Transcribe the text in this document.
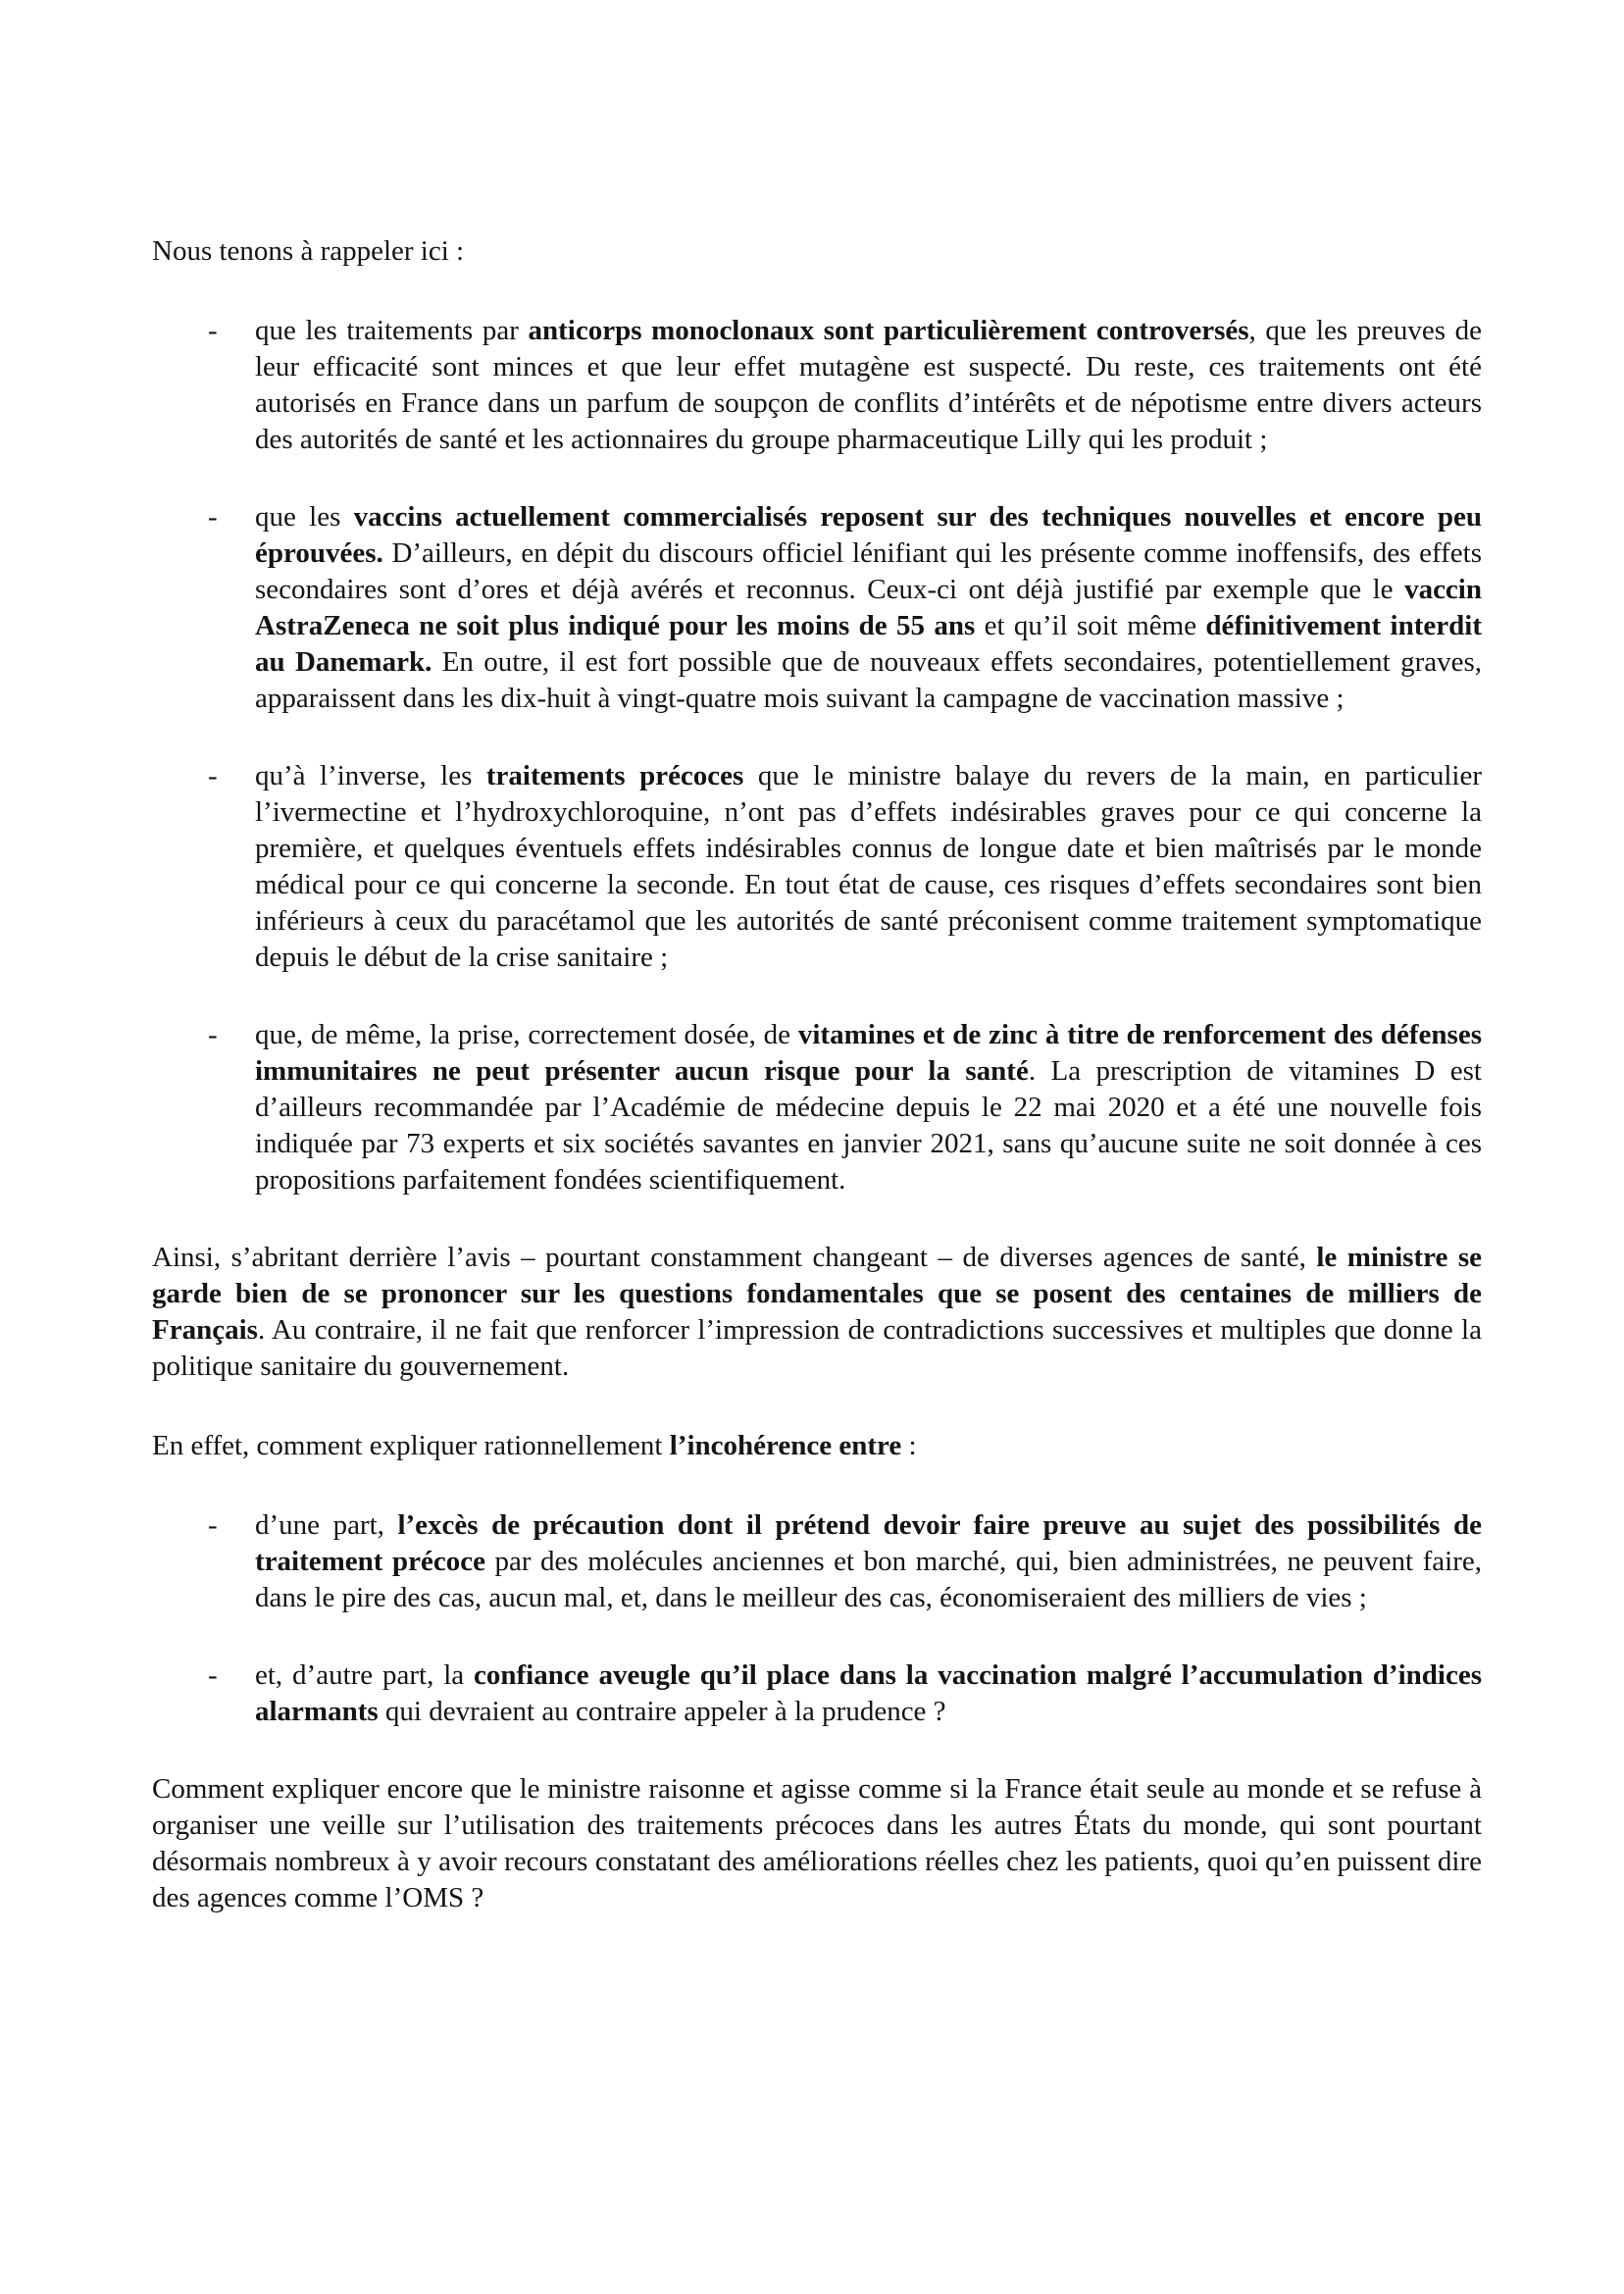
Nous tenons à rappeler ici :

-	que les traitements par anticorps monoclonaux sont particulièrement controversés, que les preuves de leur efficacité sont minces et que leur effet mutagène est suspecté. Du reste, ces traitements ont été autorisés en France dans un parfum de soupçon de conflits d’intérêts et de népotisme entre divers acteurs des autorités de santé et les actionnaires du groupe pharmaceutique Lilly qui les produit ;
-	que les vaccins actuellement commercialisés reposent sur des techniques nouvelles et encore peu éprouvées. D’ailleurs, en dépit du discours officiel lénifiant qui les présente comme inoffensifs, des effets secondaires sont d’ores et déjà avérés et reconnus. Ceux-ci ont déjà justifié par exemple que le vaccin AstraZeneca ne soit plus indiqué pour les moins de 55 ans et qu’il soit même définitivement interdit au Danemark. En outre, il est fort possible que de nouveaux effets secondaires, potentiellement graves, apparaissent dans les dix-huit à vingt-quatre mois suivant la campagne de vaccination massive ;
-	qu’à l’inverse, les traitements précoces que le ministre balaye du revers de la main, en particulier l’ivermectine et l’hydroxychloroquine, n’ont pas d’effets indésirables graves pour ce qui concerne la première, et quelques éventuels effets indésirables connus de longue date et bien maîtrisés par le monde médical pour ce qui concerne la seconde. En tout état de cause, ces risques d’effets secondaires sont bien inférieurs à ceux du paracétamol que les autorités de santé préconisent comme traitement symptomatique depuis le début de la crise sanitaire ;
-	que, de même, la prise, correctement dosée, de vitamines et de zinc à titre de renforcement des défenses immunitaires ne peut présenter aucun risque pour la santé. La prescription de vitamines D est d’ailleurs recommandée par l’Académie de médecine depuis le 22 mai 2020 et a été une nouvelle fois indiquée par 73 experts et six sociétés savantes en janvier 2021, sans qu’aucune suite ne soit donnée à ces propositions parfaitement fondées scientifiquement.

Ainsi, s’abritant derrière l’avis – pourtant constamment changeant – de diverses agences de santé, le ministre se garde bien de se prononcer sur les questions fondamentales que se posent des centaines de milliers de Français. Au contraire, il ne fait que renforcer l’impression de contradictions successives et multiples que donne la politique sanitaire du gouvernement.

En effet, comment expliquer rationnellement l’incohérence entre :

-	d’une part, l’excès de précaution dont il prétend devoir faire preuve au sujet des possibilités de traitement précoce par des molécules anciennes et bon marché, qui, bien administrées, ne peuvent faire, dans le pire des cas, aucun mal, et, dans le meilleur des cas, économiseraient des milliers de vies ;
-	et, d’autre part, la confiance aveugle qu’il place dans la vaccination malgré l’accumulation d’indices alarmants qui devraient au contraire appeler à la prudence ?

Comment expliquer encore que le ministre raisonne et agisse comme si la France était seule au monde et se refuse à organiser une veille sur l’utilisation des traitements précoces dans les autres États du monde, qui sont pourtant désormais nombreux à y avoir recours constatant des améliorations réelles chez les patients, quoi qu’en puissent dire des agences comme l’OMS ?
